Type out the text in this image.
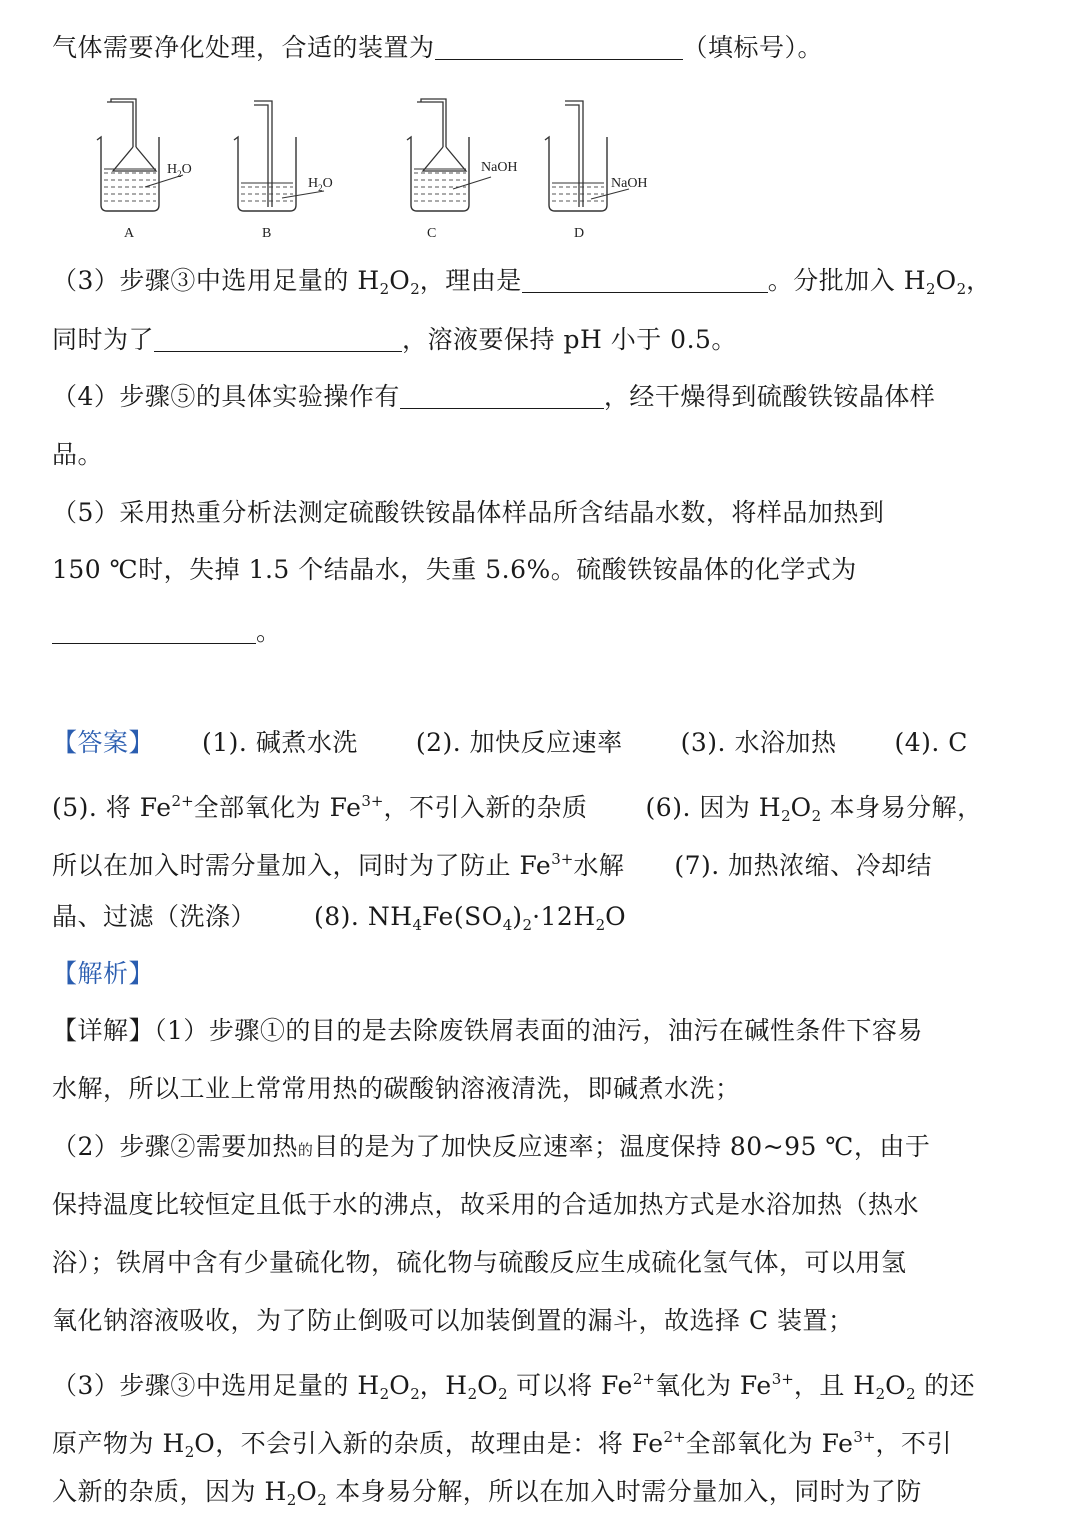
气体需要净化处理，合适的装置为	（填标号）。
$H_2O$
A
$H_2O$
B
NaOH
C
NaOH
D
（3）步骤③中选用足量的 $H_2O_2$，理由是	。分批加入 $H_2O_2$，
同时为了	，溶液要保持 pH 小于 0.5。
（4）步骤⑤的具体实验操作有	，经干燥得到硫酸铁铵晶体样
品。
（5）采用热重分析法测定硫酸铁铵晶体样品所含结晶水数，将样品加热到
150 ℃时，失掉 1.5 个结晶水，失重 5.6%。硫酸铁铵晶体的化学式为
。
【答案】 (1). 碱煮水洗 (2). 加快反应速率 (3). 水浴加热 (4). C
(5). 将 $Fe^{2+}$全部氧化为 $Fe^{3+}$，不引入新的杂质 (6). 因为 $H_2O_2$ 本身易分解，
所以在加入时需分量加入，同时为了防止 $Fe^{3+}$水解 (7). 加热浓缩、冷却结
晶、过滤（洗涤） (8). $NH_4Fe(SO_4)_2\cdot 12H_2O$
【解析】
【详解】（1）步骤①的目的是去除废铁屑表面的油污，油污在碱性条件下容易
水解，所以工业上常常用热的碳酸钠溶液清洗，即碱煮水洗；
（2）步骤②需要加热的目的是为了加快反应速率；温度保持 80~95 ℃，由于
保持温度比较恒定且低于水的沸点，故采用的合适加热方式是水浴加热（热水
浴）；铁屑中含有少量硫化物，硫化物与硫酸反应生成硫化氢气体，可以用氢
氧化钠溶液吸收，为了防止倒吸可以加装倒置的漏斗，故选择 C 装置；
（3）步骤③中选用足量的 $H_2O_2$，$H_2O_2$ 可以将 $Fe^{2+}$氧化为 $Fe^{3+}$，且 $H_2O_2$ 的还
原产物为 $H_2O$，不会引入新的杂质，故理由是：将 $Fe^{2+}$全部氧化为 $Fe^{3+}$，不引
入新的杂质，因为 $H_2O_2$ 本身易分解，所以在加入时需分量加入，同时为了防
